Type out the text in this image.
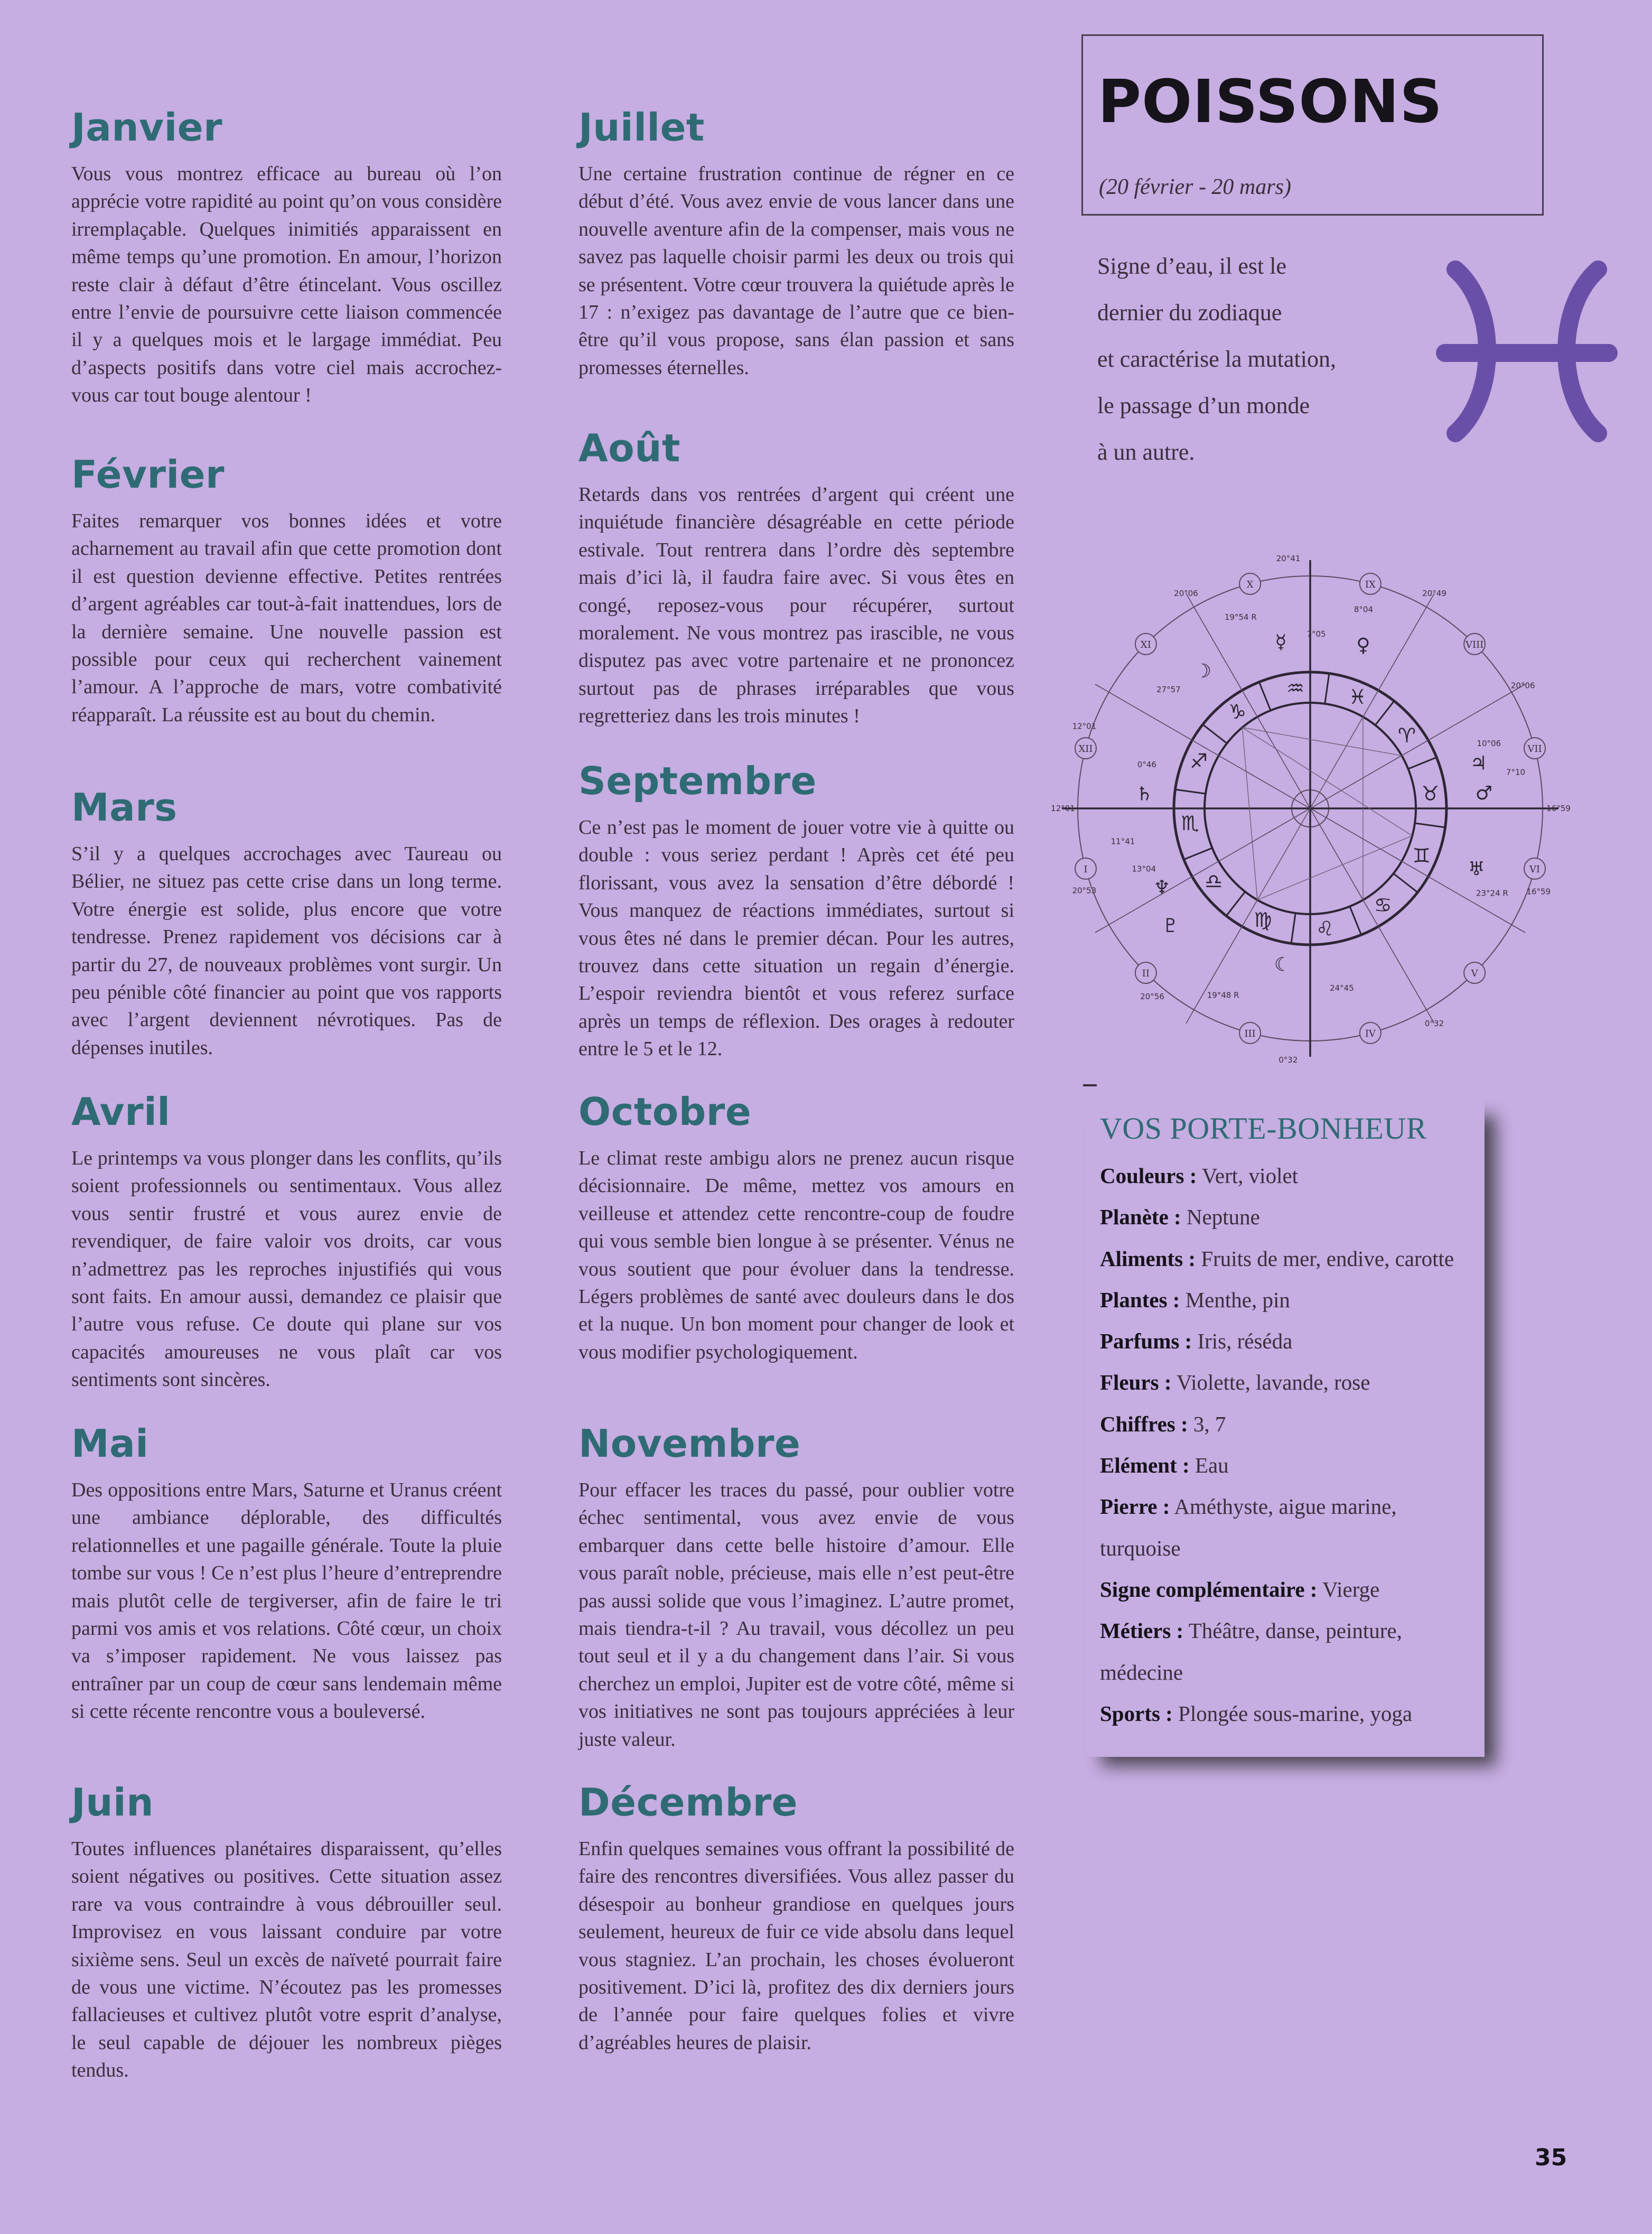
Janvier

Vous vous montrez efficace au bureau où l’on apprécie votre rapidité au point qu’on vous considère irremplaçable. Quelques inimitiés apparaissent en même temps qu’une promotion. En amour, l’horizon reste clair à défaut d’être étincelant. Vous oscillez entre l’envie de poursuivre cette liaison commencée il y a quelques mois et le largage immédiat. Peu d’aspects positifs dans votre ciel mais accrochez-vous car tout bouge alentour !

Février

Faites remarquer vos bonnes idées et votre acharnement au travail afin que cette promotion dont il est question devienne effective. Petites rentrées d’argent agréables car tout-à-fait inattendues, lors de la dernière semaine. Une nouvelle passion est possible pour ceux qui recherchent vainement l’amour. A l’approche de mars, votre combativité réapparaît. La réussite est au bout du chemin.

Mars

S’il y a quelques accrochages avec Taureau ou Bélier, ne situez pas cette crise dans un long terme. Votre énergie est solide, plus encore que votre tendresse. Prenez rapidement vos décisions car à partir du 27, de nouveaux problèmes vont surgir. Un peu pénible côté financier au point que vos rapports avec l’argent deviennent névrotiques. Pas de dépenses inutiles.

Avril

Le printemps va vous plonger dans les conflits, qu’ils soient professionnels ou sentimentaux. Vous allez vous sentir frustré et vous aurez envie de revendiquer, de faire valoir vos droits, car vous n’admettrez pas les reproches injustifiés qui vous sont faits. En amour aussi, demandez ce plaisir que l’autre vous refuse. Ce doute qui plane sur vos capacités amoureuses ne vous plaît car vos sentiments sont sincères.

Mai

Des oppositions entre Mars, Saturne et Uranus créent une ambiance déplorable, des difficultés relationnelles et une pagaille générale. Toute la pluie tombe sur vous ! Ce n’est plus l’heure d’entreprendre mais plutôt celle de tergiverser, afin de faire le tri parmi vos amis et vos relations. Côté cœur, un choix va s’imposer rapidement. Ne vous laissez pas entraîner par un coup de cœur sans lendemain même si cette récente rencontre vous a bouleversé.

Juin

Toutes influences planétaires disparaissent, qu’elles soient négatives ou positives. Cette situation assez rare va vous contraindre à vous débrouiller seul. Improvisez en vous laissant conduire par votre sixième sens. Seul un excès de naïveté pourrait faire de vous une victime. N’écoutez pas les promesses fallacieuses et cultivez plutôt votre esprit d’analyse, le seul capable de déjouer les nombreux pièges tendus.

Juillet

Une certaine frustration continue de régner en ce début d’été. Vous avez envie de vous lancer dans une nouvelle aventure afin de la compenser, mais vous ne savez pas laquelle choisir parmi les deux ou trois qui se présentent. Votre cœur trouvera la quiétude après le 17 : n’exigez pas davantage de l’autre que ce bien-être qu’il vous propose, sans élan passion et sans promesses éternelles.

Août

Retards dans vos rentrées d’argent qui créent une inquiétude financière désagréable en cette période estivale. Tout rentrera dans l’ordre dès septembre mais d’ici là, il faudra faire avec. Si vous êtes en congé, reposez-vous pour récupérer, surtout moralement. Ne vous montrez pas irascible, ne vous disputez pas avec votre partenaire et ne prononcez surtout pas de phrases irréparables que vous regretteriez dans les trois minutes !

Septembre

Ce n’est pas le moment de jouer votre vie à quitte ou double : vous seriez perdant ! Après cet été peu florissant, vous avez la sensation d’être débordé ! Vous manquez de réactions immédiates, surtout si vous êtes né dans le premier décan. Pour les autres, trouvez dans cette situation un regain d’énergie. L’espoir reviendra bientôt et vous referez surface après un temps de réflexion. Des orages à redouter entre le 5 et le 12.

Octobre

Le climat reste ambigu alors ne prenez aucun risque décisionnaire. De même, mettez vos amours en veilleuse et attendez cette rencontre-coup de foudre qui vous semble bien longue à se présenter. Vénus ne vous soutient que pour évoluer dans la tendresse. Légers problèmes de santé avec douleurs dans le dos et la nuque. Un bon moment pour changer de look et vous modifier psychologiquement.

Novembre

Pour effacer les traces du passé, pour oublier votre échec sentimental, vous avez envie de vous embarquer dans cette belle histoire d’amour. Elle vous paraît noble, précieuse, mais elle n’est peut-être pas aussi solide que vous l’imaginez. L’autre promet, mais tiendra-t-il ? Au travail, vous décollez un peu tout seul et il y a du changement dans l’air. Si vous cherchez un emploi, Jupiter est de votre côté, même si vos initiatives ne sont pas toujours appréciées à leur juste valeur.

Décembre

Enfin quelques semaines vous offrant la possibilité de faire des rencontres diversifiées. Vous allez passer du désespoir au bonheur grandiose en quelques jours seulement, heureux de fuir ce vide absolu dans lequel vous stagniez. L’an prochain, les choses évolueront positivement. D’ici là, profitez des dix derniers jours de l’année pour faire quelques folies et vivre d’agréables heures de plaisir.

POISSONS
(20 février - 20 mars)
Signe d’eau, il est le
dernier du zodiaque
et caractérise la mutation,
le passage d’un monde
à un autre.
♓
♈
♉
♊
♋
♌
♍
♎
♏
♐
♑
♒
I
II
III	IV
V
VI
VII
VIII
IX
X
XI
XII
20°41
20°49
20°06
20°06
12°01
12°01	16°59
16°59
0°32
0°32
20°56
20°53
8°04
19°54 R
27°57
7°05
0°46
10°06
7°10
11°41
13°04
23°24 R
19°48 R
24°45
☽
☿	♀
♄
♃
♂
♅
♆
♇
☾
VOS PORTE-BONHEUR
Couleurs : Vert, violet
Planète : Neptune
Aliments : Fruits de mer, endive, carotte
Plantes : Menthe, pin
Parfums : Iris, réséda
Fleurs : Violette, lavande, rose
Chiffres : 3, 7
Elément : Eau
Pierre : Améthyste, aigue marine,
turquoise
Signe complémentaire : Vierge
Métiers : Théâtre, danse, peinture,
médecine
Sports : Plongée sous-marine, yoga
35
